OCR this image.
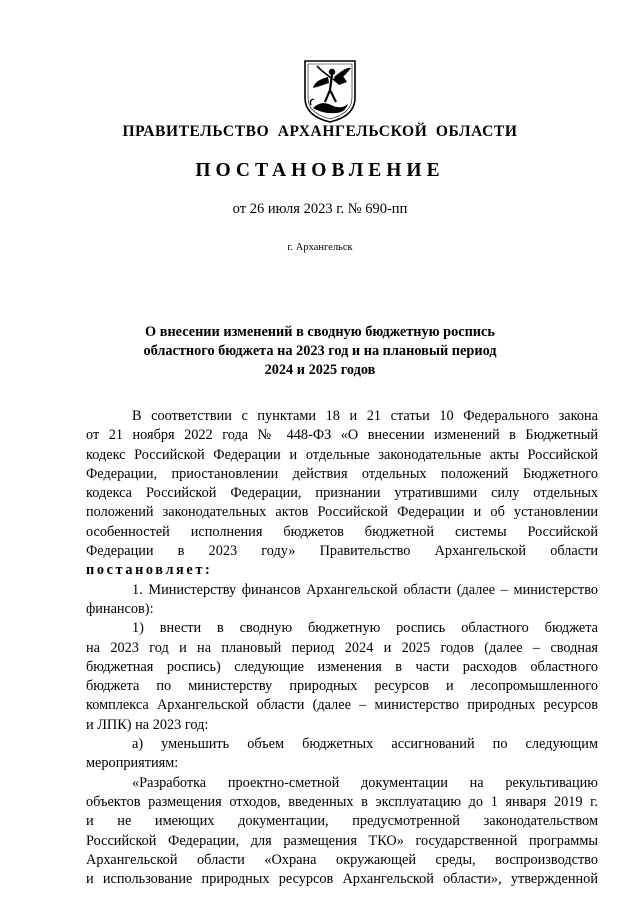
ПРАВИТЕЛЬСТВО АРХАНГЕЛЬСКОЙ ОБЛАСТИ
ПОСТАНОВЛЕНИЕ
от 26 июля 2023 г. № 690-пп
г. Архангельск
О внесении изменений в сводную бюджетную роспись
областного бюджета на 2023 год и на плановый период
2024 и 2025 годов
В соответствии с пунктами 18 и 21 статьи 10 Федерального закона
от 21 ноября 2022 года № 448-ФЗ «О внесении изменений в Бюджетный
кодекс Российской Федерации и отдельные законодательные акты Российской
Федерации, приостановлении действия отдельных положений Бюджетного
кодекса Российской Федерации, признании утратившими силу отдельных
положений законодательных актов Российской Федерации и об установлении
особенностей исполнения бюджетов бюджетной системы Российской
Федерации в 2023 году» Правительство Архангельской области
постановляет:
1. Министерству финансов Архангельской области (далее – министерство
финансов):
1) внести в сводную бюджетную роспись областного бюджета
на 2023 год и на плановый период 2024 и 2025 годов (далее – сводная
бюджетная роспись) следующие изменения в части расходов областного
бюджета по министерству природных ресурсов и лесопромышленного
комплекса Архангельской области (далее – министерство природных ресурсов
и ЛПК) на 2023 год:
а) уменьшить объем бюджетных ассигнований по следующим
мероприятиям:
«Разработка проектно-сметной документации на рекультивацию
объектов размещения отходов, введенных в эксплуатацию до 1 января 2019 г.
и не имеющих документации, предусмотренной законодательством
Российской Федерации, для размещения ТКО» государственной программы
Архангельской области «Охрана окружающей среды, воспроизводство
и использование природных ресурсов Архангельской области», утвержденной
